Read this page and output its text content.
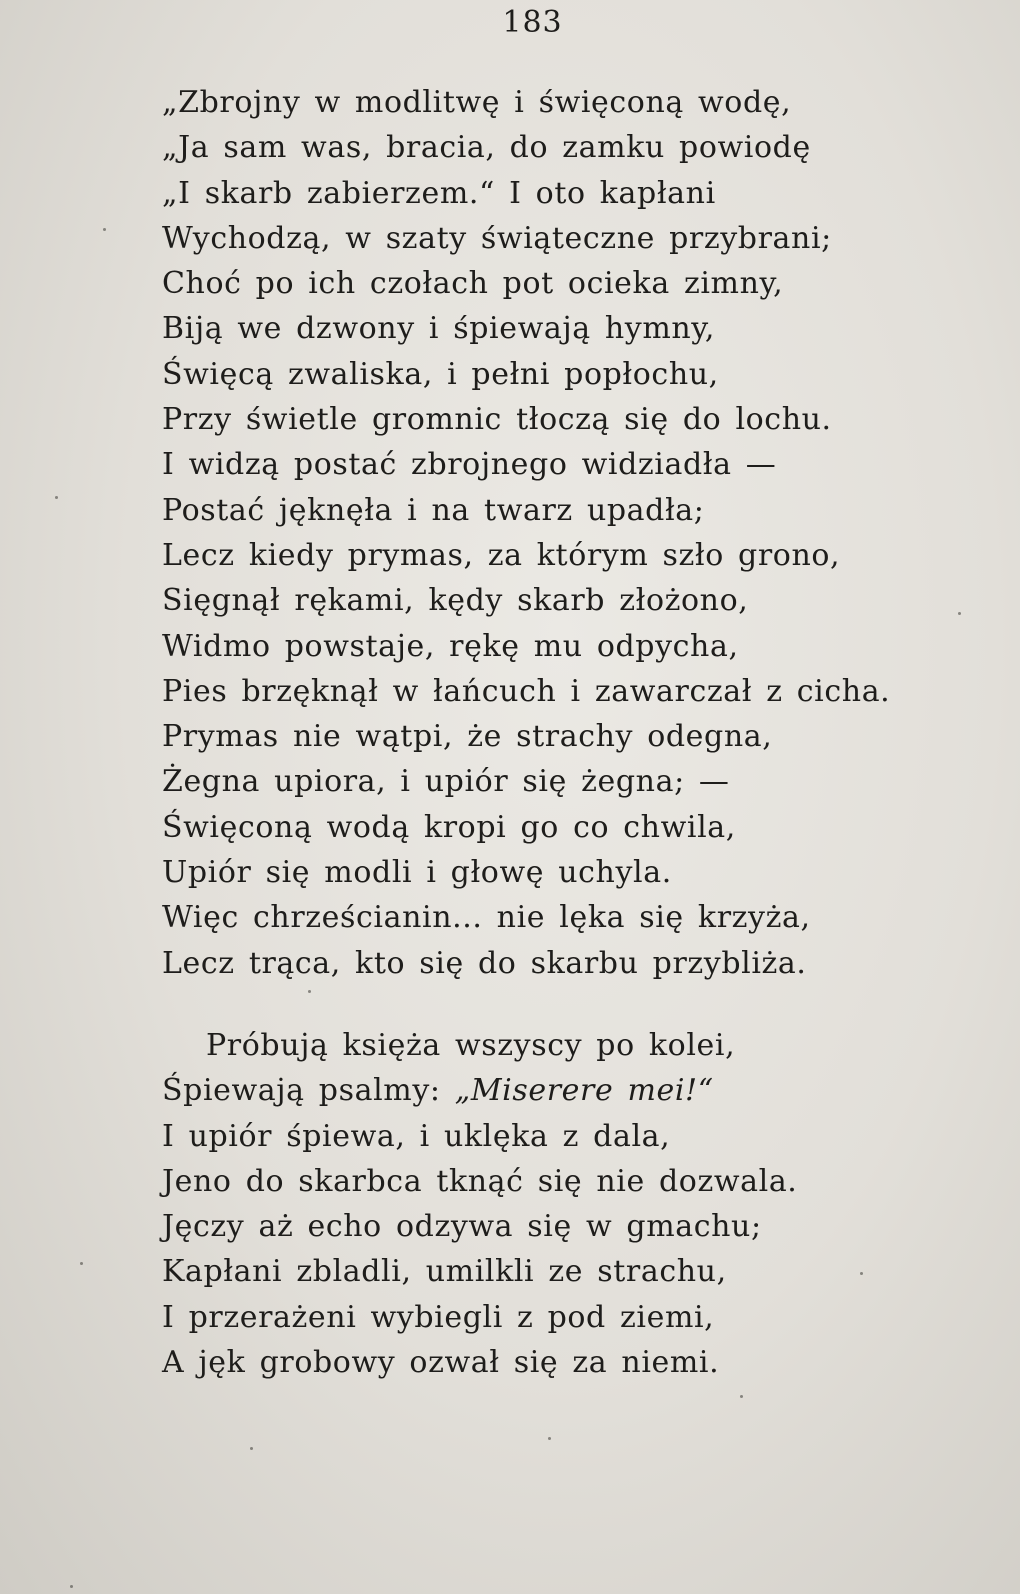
183
„Zbrojny w modlitwę i święconą wodę,
„Ja sam was, bracia, do zamku powiodę
„I skarb zabierzem.“ I oto kapłani
Wychodzą, w szaty świąteczne przybrani;
Choć po ich czołach pot ocieka zimny,
Biją we dzwony i śpiewają hymny,
Święcą zwaliska, i pełni popłochu,
Przy świetle gromnic tłoczą się do lochu.
I widzą postać zbrojnego widziadła —
Postać jęknęła i na twarz upadła;
Lecz kiedy prymas, za którym szło grono,
Sięgnął rękami, kędy skarb złożono,
Widmo powstaje, rękę mu odpycha,
Pies brzęknął w łańcuch i zawarczał z cicha.
Prymas nie wątpi, że strachy odegna,
Żegna upiora, i upiór się żegna; —
Święconą wodą kropi go co chwila,
Upiór się modli i głowę uchyla.
Więc chrześcianin... nie lęka się krzyża,
Lecz trąca, kto się do skarbu przybliża.
Próbują księża wszyscy po kolei,
Śpiewają psalmy: „Miserere mei!“
I upiór śpiewa, i uklęka z dala,
Jeno do skarbca tknąć się nie dozwala.
Jęczy aż echo odzywa się w gmachu;
Kapłani zbladli, umilkli ze strachu,
I przerażeni wybiegli z pod ziemi,
A jęk grobowy ozwał się za niemi.
